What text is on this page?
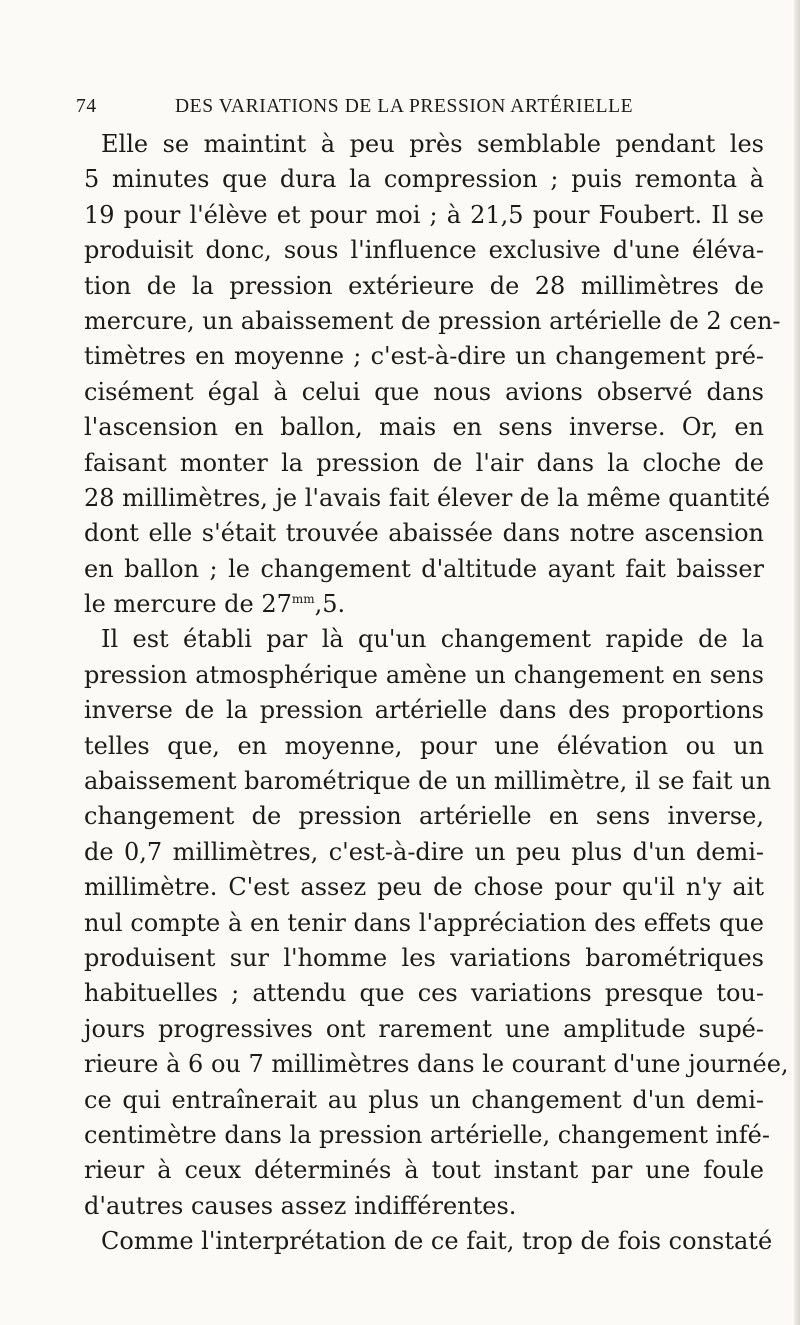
74	DES VARIATIONS DE LA PRESSION ARTÉRIELLE
Elle se maintint à peu près semblable pendant les
5 minutes que dura la compression ; puis remonta à
19 pour l'élève et pour moi ; à 21,5 pour Foubert. Il se
produisit donc, sous l'influence exclusive d'une éléva-
tion de la pression extérieure de 28 millimètres de
mercure, un abaissement de pression artérielle de 2 cen-
timètres en moyenne ; c'est-à-dire un changement pré-
cisément égal à celui que nous avions observé dans
l'ascension en ballon, mais en sens inverse. Or, en
faisant monter la pression de l'air dans la cloche de
28 millimètres, je l'avais fait élever de la même quantité
dont elle s'était trouvée abaissée dans notre ascension
en ballon ; le changement d'altitude ayant fait baisser
le mercure de $27^{mm},5$.
Il est établi par là qu'un changement rapide de la
pression atmosphérique amène un changement en sens
inverse de la pression artérielle dans des proportions
telles que, en moyenne, pour une élévation ou un
abaissement barométrique de un millimètre, il se fait un
changement de pression artérielle en sens inverse,
de 0,7 millimètres, c'est-à-dire un peu plus d'un demi-
millimètre. C'est assez peu de chose pour qu'il n'y ait
nul compte à en tenir dans l'appréciation des effets que
produisent sur l'homme les variations barométriques
habituelles ; attendu que ces variations presque tou-
jours progressives ont rarement une amplitude supé-
rieure à 6 ou 7 millimètres dans le courant d'une journée,
ce qui entraînerait au plus un changement d'un demi-
centimètre dans la pression artérielle, changement infé-
rieur à ceux déterminés à tout instant par une foule
d'autres causes assez indifférentes.
Comme l'interprétation de ce fait, trop de fois constaté
